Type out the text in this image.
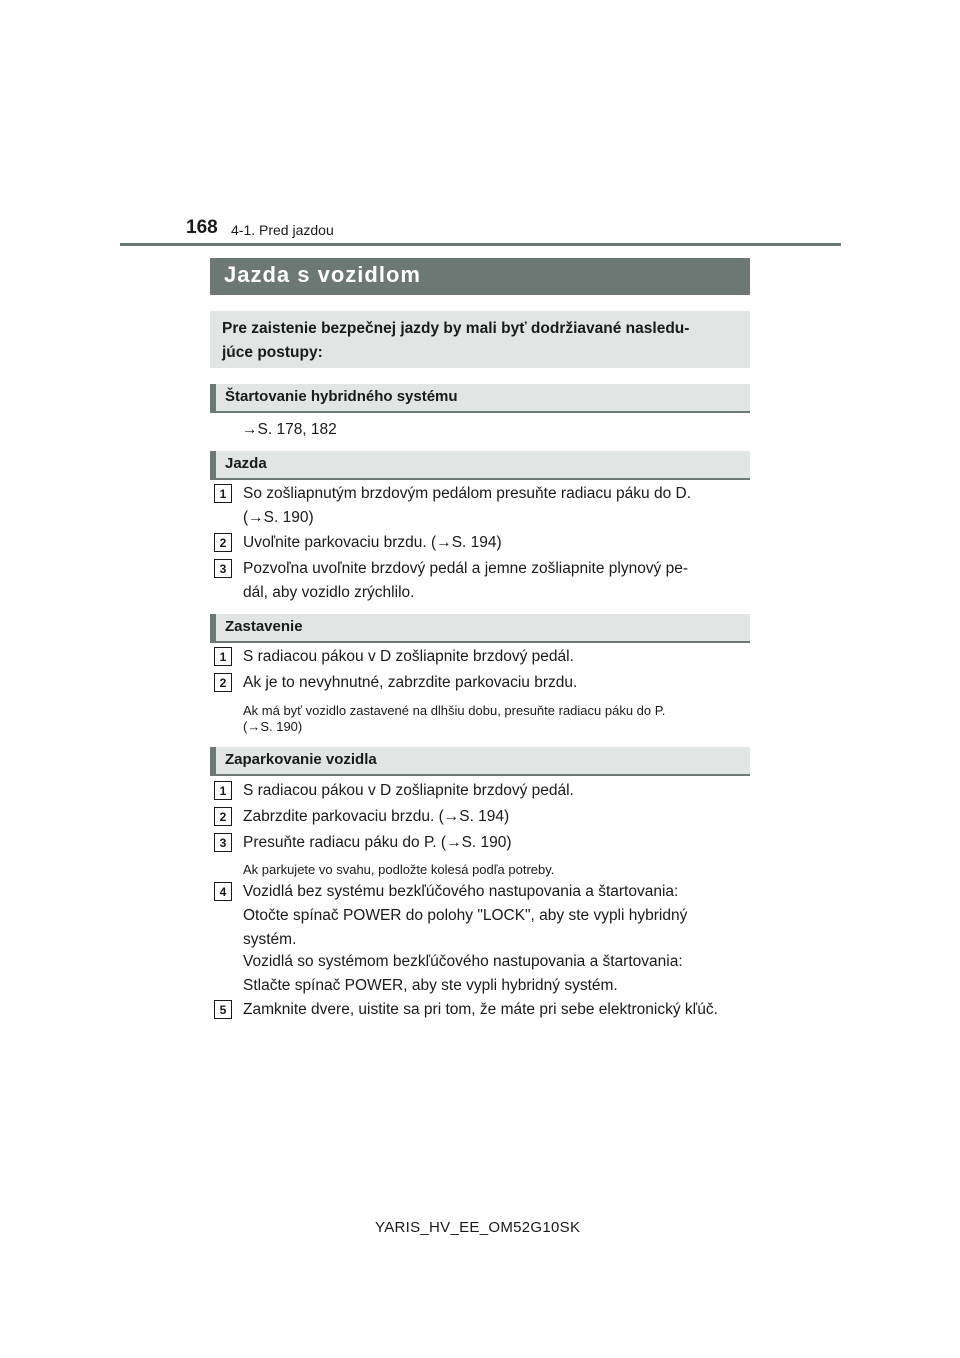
168 4-1. Pred jazdou
Jazda s vozidlom
Pre zaistenie bezpečnej jazdy by mali byť dodržiavané nasledu-
júce postupy:
Štartovanie hybridného systému
→S. 178, 182
Jazda
1	So zošliapnutým brzdovým pedálom presuňte radiacu páku do D.
(→S. 190)
2	Uvoľnite parkovaciu brzdu. (→S. 194)
3	Pozvoľna uvoľnite brzdový pedál a jemne zošliapnite plynový pe-
dál, aby vozidlo zrýchlilo.
Zastavenie
1	S radiacou pákou v D zošliapnite brzdový pedál.
2	Ak je to nevyhnutné, zabrzdite parkovaciu brzdu.
Ak má byť vozidlo zastavené na dlhšiu dobu, presuňte radiacu páku do P.
(→S. 190)
Zaparkovanie vozidla
1	S radiacou pákou v D zošliapnite brzdový pedál.
2	Zabrzdite parkovaciu brzdu. (→S. 194)
3	Presuňte radiacu páku do P. (→S. 190)
Ak parkujete vo svahu, podložte kolesá podľa potreby.
4	Vozidlá bez systému bezkľúčového nastupovania a štartovania:
Otočte spínač POWER do polohy "LOCK", aby ste vypli hybridný
systém.
Vozidlá so systémom bezkľúčového nastupovania a štartovania:
Stlačte spínač POWER, aby ste vypli hybridný systém.
5	Zamknite dvere, uistite sa pri tom, že máte pri sebe elektronický kľúč.
YARIS_HV_EE_OM52G10SK
